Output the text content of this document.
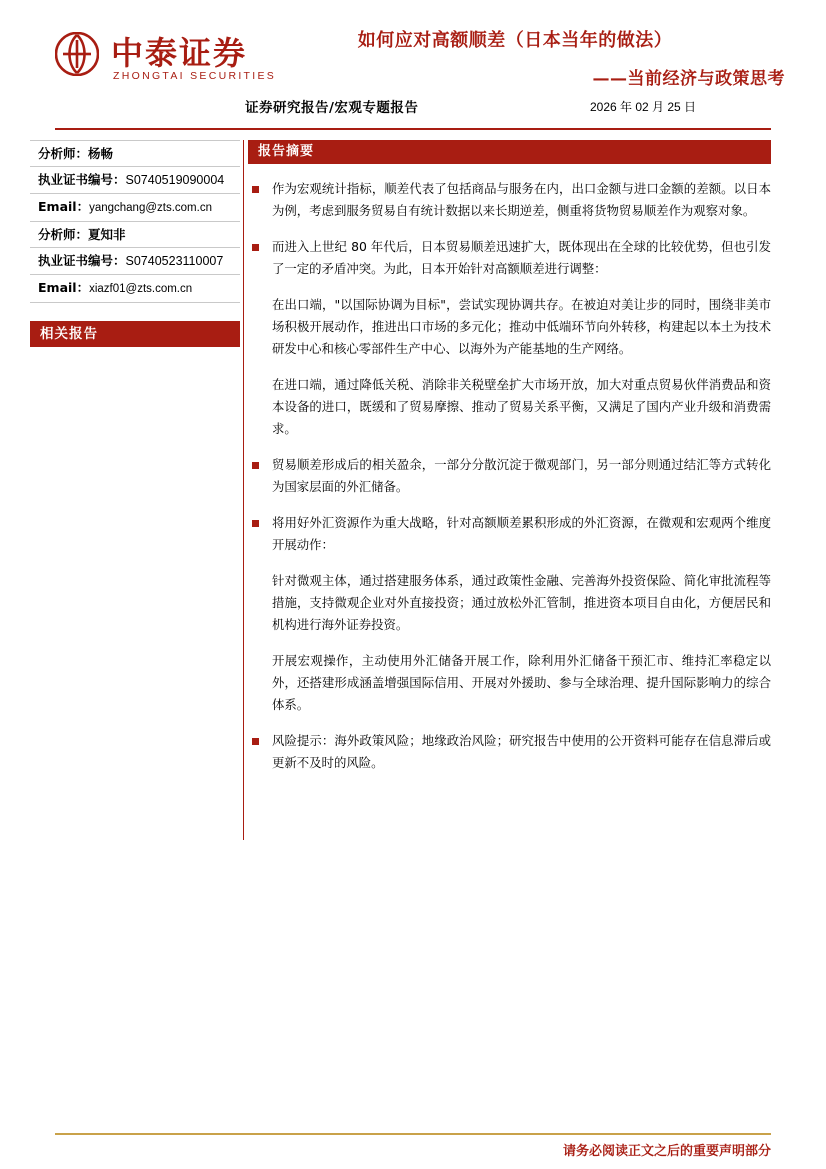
中泰证券
ZHONGTAI SECURITIES
如何应对高额顺差（日本当年的做法）
——当前经济与政策思考
证券研究报告/宏观专题报告	2026 年 02 月 25 日
分析师：杨畅
执业证书编号：S0740519090004
Email：yangchang@zts.com.cn
分析师：夏知非
执业证书编号：S0740523110007
Email：xiazf01@zts.com.cn
相关报告
报告摘要
作为宏观统计指标，顺差代表了包括商品与服务在内，出口金额与进口金额的差额。以日本为例，考虑到服务贸易自有统计数据以来长期逆差，侧重将货物贸易顺差作为观察对象。
而进入上世纪 80 年代后，日本贸易顺差迅速扩大，既体现出在全球的比较优势，但也引发了一定的矛盾冲突。为此，日本开始针对高额顺差进行调整：
在出口端，"以国际协调为目标"，尝试实现协调共存。在被迫对美让步的同时，围绕非美市场积极开展动作，推进出口市场的多元化；推动中低端环节向外转移，构建起以本土为技术研发中心和核心零部件生产中心、以海外为产能基地的生产网络。
在进口端，通过降低关税、消除非关税壁垒扩大市场开放，加大对重点贸易伙伴消费品和资本设备的进口，既缓和了贸易摩擦、推动了贸易关系平衡，又满足了国内产业升级和消费需求。
贸易顺差形成后的相关盈余，一部分分散沉淀于微观部门，另一部分则通过结汇等方式转化为国家层面的外汇储备。
将用好外汇资源作为重大战略，针对高额顺差累积形成的外汇资源，在微观和宏观两个维度开展动作：
针对微观主体，通过搭建服务体系，通过政策性金融、完善海外投资保险、简化审批流程等措施，支持微观企业对外直接投资；通过放松外汇管制，推进资本项目自由化，方便居民和机构进行海外证券投资。
开展宏观操作，主动使用外汇储备开展工作，除利用外汇储备干预汇市、维持汇率稳定以外，还搭建形成涵盖增强国际信用、开展对外援助、参与全球治理、提升国际影响力的综合体系。
风险提示：海外政策风险；地缘政治风险；研究报告中使用的公开资料可能存在信息滞后或更新不及时的风险。
请务必阅读正文之后的重要声明部分
